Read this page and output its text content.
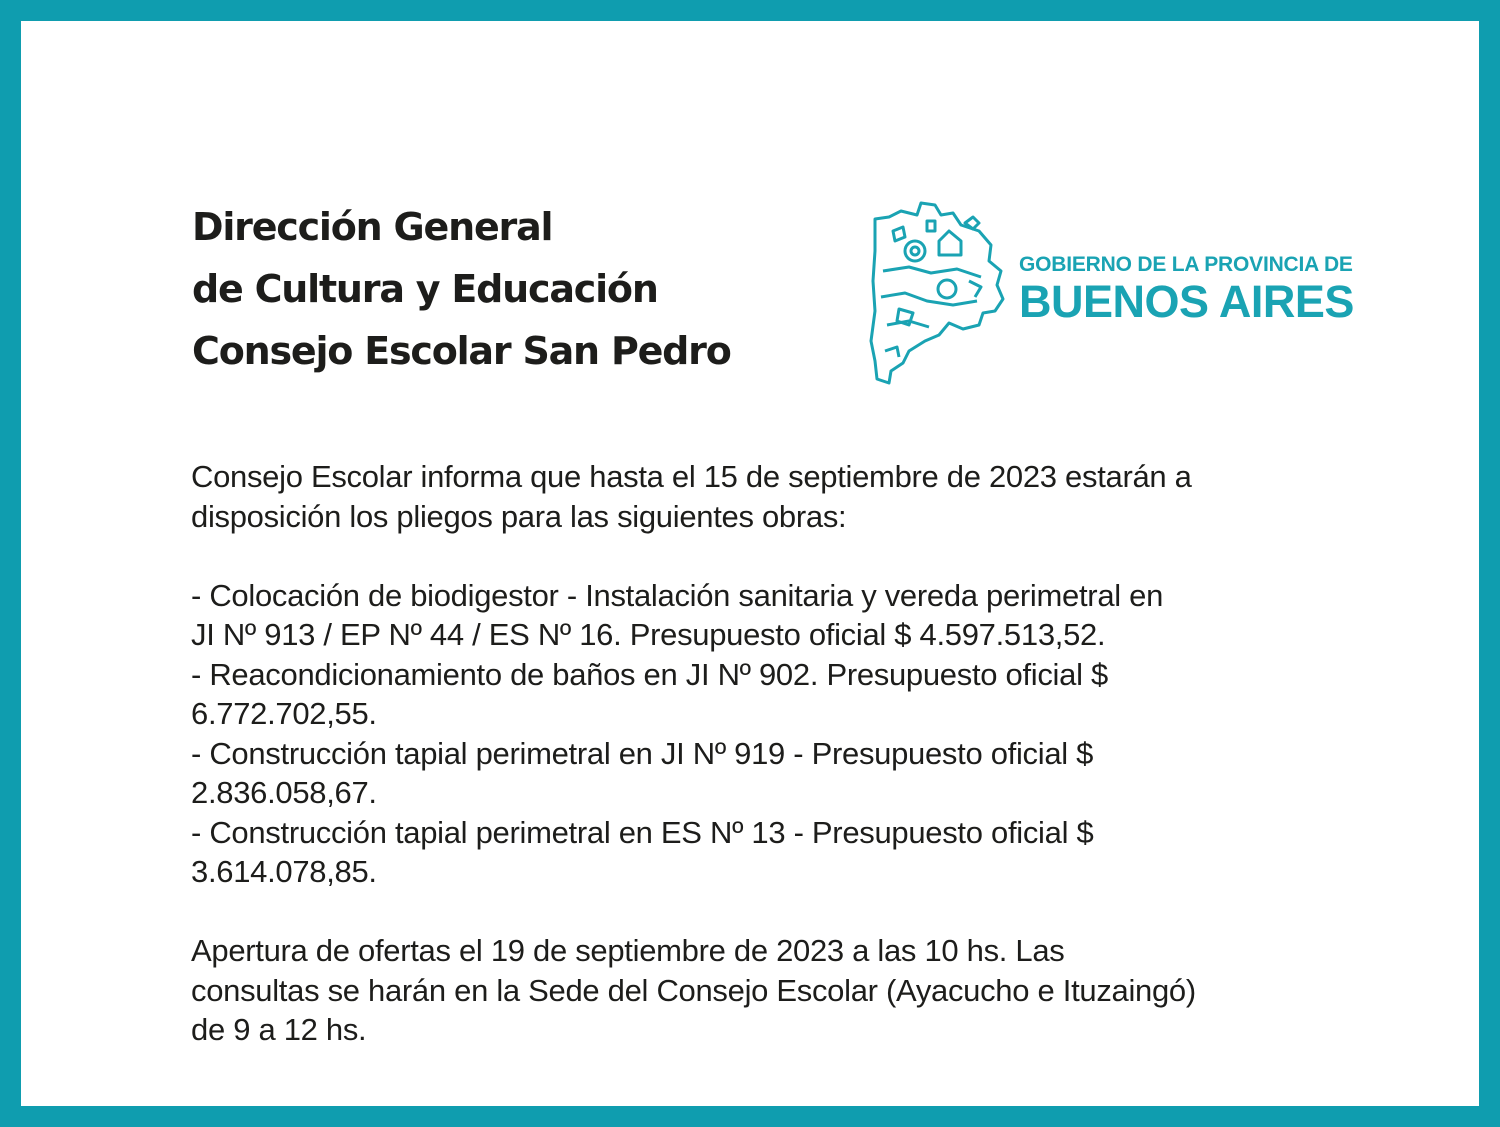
Dirección General
de Cultura y Educación
Consejo Escolar San Pedro
GOBIERNO DE LA PROVINCIA DE
BUENOS AIRES

Consejo Escolar informa que hasta el 15 de septiembre de 2023 estarán a

disposición los pliegos para las siguientes obras:

- Colocación de biodigestor - Instalación sanitaria y vereda perimetral en

JI Nº 913 / EP Nº 44 / ES Nº 16. Presupuesto oficial $ 4.597.513,52.

- Reacondicionamiento de baños en JI Nº 902. Presupuesto oficial $

6.772.702,55.

- Construcción tapial perimetral en JI Nº 919 - Presupuesto oficial $

2.836.058,67.

- Construcción tapial perimetral en ES Nº 13 - Presupuesto oficial $

3.614.078,85.

Apertura de ofertas el 19 de septiembre de 2023 a las 10 hs. Las

consultas se harán en la Sede del Consejo Escolar (Ayacucho e Ituzaingó)

de 9 a 12 hs.
